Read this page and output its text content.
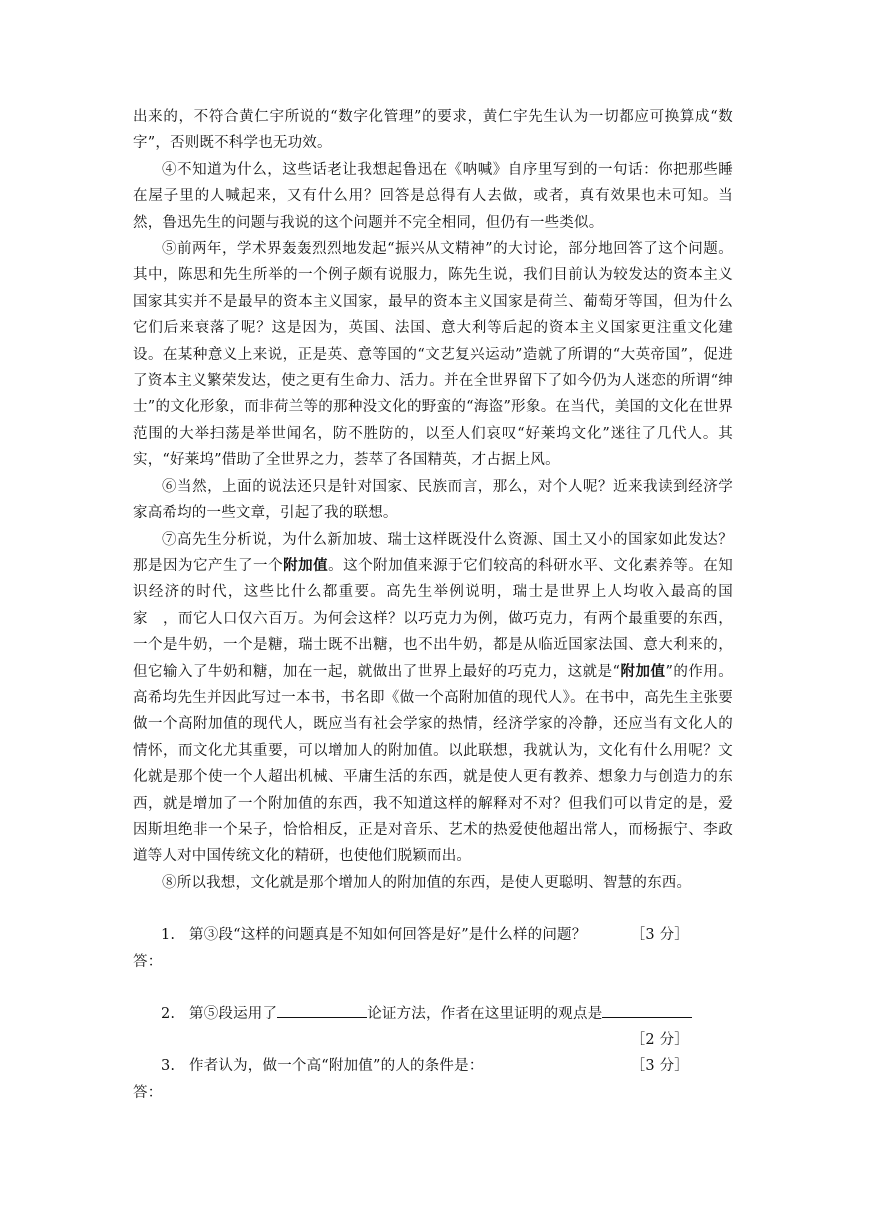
出来的，不符合黄仁宇所说的“数字化管理”的要求，黄仁宇先生认为一切都应可换算成“数字”，否则既不科学也无功效。

④不知道为什么，这些话老让我想起鲁迅在《呐喊》自序里写到的一句话：你把那些睡在屋子里的人喊起来，又有什么用？回答是总得有人去做，或者，真有效果也未可知。当然，鲁迅先生的问题与我说的这个问题并不完全相同，但仍有一些类似。

⑤前两年，学术界轰轰烈烈地发起“振兴从文精神”的大讨论，部分地回答了这个问题。其中，陈思和先生所举的一个例子颇有说服力，陈先生说，我们目前认为较发达的资本主义国家其实并不是最早的资本主义国家，最早的资本主义国家是荷兰、葡萄牙等国，但为什么它们后来衰落了呢？这是因为，英国、法国、意大利等后起的资本主义国家更注重文化建设。在某种意义上来说，正是英、意等国的“文艺复兴运动”造就了所谓的“大英帝国”，促进了资本主义繁荣发达，使之更有生命力、活力。并在全世界留下了如今仍为人迷恋的所谓“绅士”的文化形象，而非荷兰等的那种没文化的野蛮的“海盗”形象。在当代，美国的文化在世界范围的大举扫荡是举世闻名，防不胜防的，以至人们哀叹“好莱坞文化”迷往了几代人。其实，“好莱坞”借助了全世界之力，荟萃了各国精英，才占据上风。

⑥当然，上面的说法还只是针对国家、民族而言，那么，对个人呢？近来我读到经济学家高希均的一些文章，引起了我的联想。

⑦高先生分析说，为什么新加坡、瑞士这样既没什么资源、国土又小的国家如此发达？那是因为它产生了一个附加值。这个附加值来源于它们较高的科研水平、文化素养等。在知识经济的时代，这些比什么都重要。高先生举例说明，瑞士是世界上人均收入最高的国家　，而它人口仅六百万。为何会这样？以巧克力为例，做巧克力，有两个最重要的东西，一个是牛奶，一个是糖，瑞士既不出糖，也不出牛奶，都是从临近国家法国、意大利来的，但它输入了牛奶和糖，加在一起，就做出了世界上最好的巧克力，这就是“附加值”的作用。高希均先生并因此写过一本书，书名即《做一个高附加值的现代人》。在书中，高先生主张要做一个高附加值的现代人，既应当有社会学家的热情，经济学家的冷静，还应当有文化人的情怀，而文化尤其重要，可以增加人的附加值。以此联想，我就认为，文化有什么用呢？文化就是那个使一个人超出机械、平庸生活的东西，就是使人更有教养、想象力与创造力的东西，就是增加了一个附加值的东西，我不知道这样的解释对不对？但我们可以肯定的是，爱因斯坦绝非一个呆子，恰恰相反，正是对音乐、艺术的热爱使他超出常人，而杨振宁、李政道等人对中国传统文化的精研，也使他们脱颖而出。

⑧所以我想，文化就是那个增加人的附加值的东西，是使人更聪明、智慧的东西。

1. 第③段“这样的问题真是不知如何回答是好”是什么样的问题？	［3 分］

答：

2. 第⑤段运用了	论证方法，作者在这里证明的观点是
［2 分］
3. 作者认为，做一个高“附加值”的人的条件是：	［3 分］

答：
